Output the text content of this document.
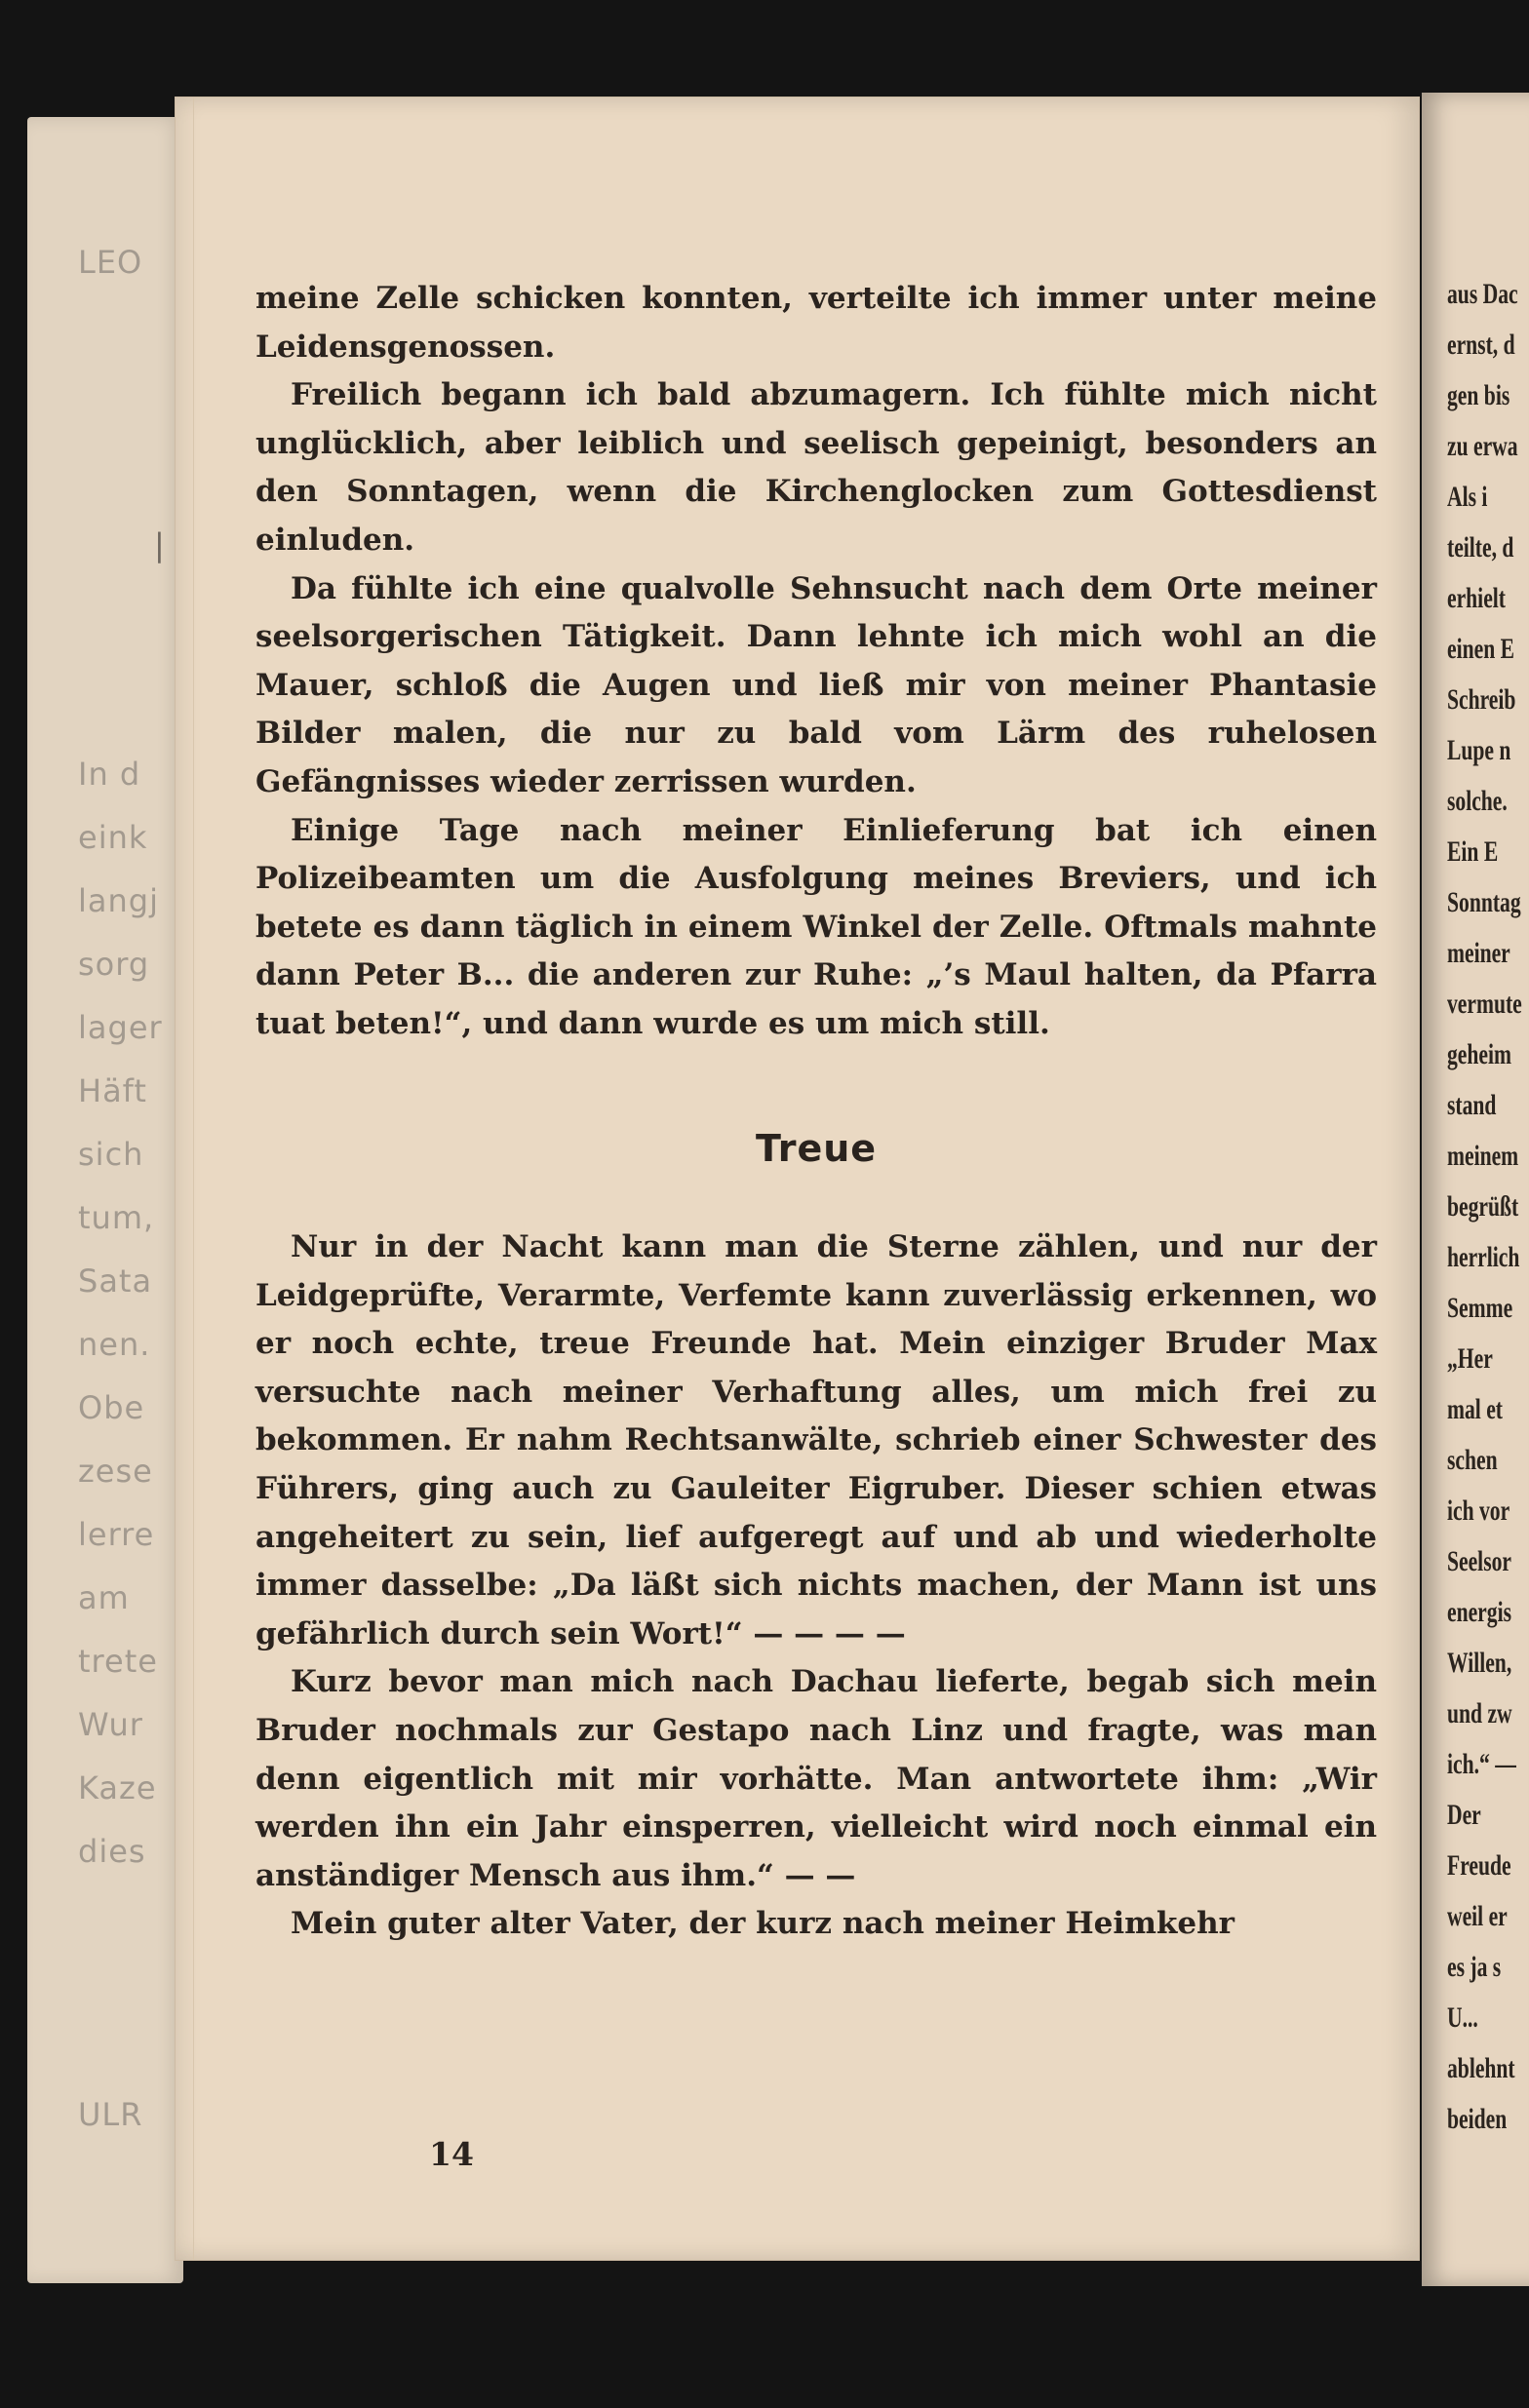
LEO
|
In d
eink
langj
sorg
lager
Häft
sich
tum,
Sata
nen.
Obe
zese
lerre
am
trete
Wur
Kaze
dies
ULR
aus Dac
ernst, d
gen bis
zu erwa
Als i
teilte, d
erhielt
einen E
Schreib
Lupe n
solche.
Ein E
Sonntag
meiner
vermute
geheim
stand
meinem
begrüßt
herrlich
Semme
„Her
mal et
schen
ich vor
Seelsor
energis
Willen,
und zw
ich.“ —
Der
Freude
weil er
es ja s
U...
ablehnt
beiden

meine Zelle schicken konnten, verteilte ich immer unter meine Leidensgenossen.

Freilich begann ich bald abzumagern. Ich fühlte mich nicht unglücklich, aber leiblich und seelisch gepeinigt, besonders an den Sonntagen, wenn die Kirchenglocken zum Gottesdienst einluden.

Da fühlte ich eine qualvolle Sehnsucht nach dem Orte meiner seelsorgerischen Tätigkeit. Dann lehnte ich mich wohl an die Mauer, schloß die Augen und ließ mir von meiner Phantasie Bilder malen, die nur zu bald vom Lärm des ruhelosen Gefängnisses wieder zerrissen wurden.

Einige Tage nach meiner Einlieferung bat ich einen Polizeibeamten um die Ausfolgung meines Breviers, und ich betete es dann täglich in einem Winkel der Zelle. Oftmals mahnte dann Peter B... die anderen zur Ruhe: „’s Maul halten, da Pfarra tuat beten!“, und dann wurde es um mich still.

Treue

Nur in der Nacht kann man die Sterne zählen, und nur der Leidgeprüfte, Verarmte, Verfemte kann zuverlässig erkennen, wo er noch echte, treue Freunde hat. Mein einziger Bruder Max versuchte nach meiner Verhaftung alles, um mich frei zu bekommen. Er nahm Rechtsanwälte, schrieb einer Schwester des Führers, ging auch zu Gauleiter Eigruber. Dieser schien etwas angeheitert zu sein, lief aufgeregt auf und ab und wiederholte immer dasselbe: „Da läßt sich nichts machen, der Mann ist uns gefährlich durch sein Wort!“ — — — —

Kurz bevor man mich nach Dachau lieferte, begab sich mein Bruder nochmals zur Gestapo nach Linz und fragte, was man denn eigentlich mit mir vorhätte. Man antwortete ihm: „Wir werden ihn ein Jahr einsperren, vielleicht wird noch einmal ein anständiger Mensch aus ihm.“ — —

Mein guter alter Vater, der kurz nach meiner Heimkehr

14
